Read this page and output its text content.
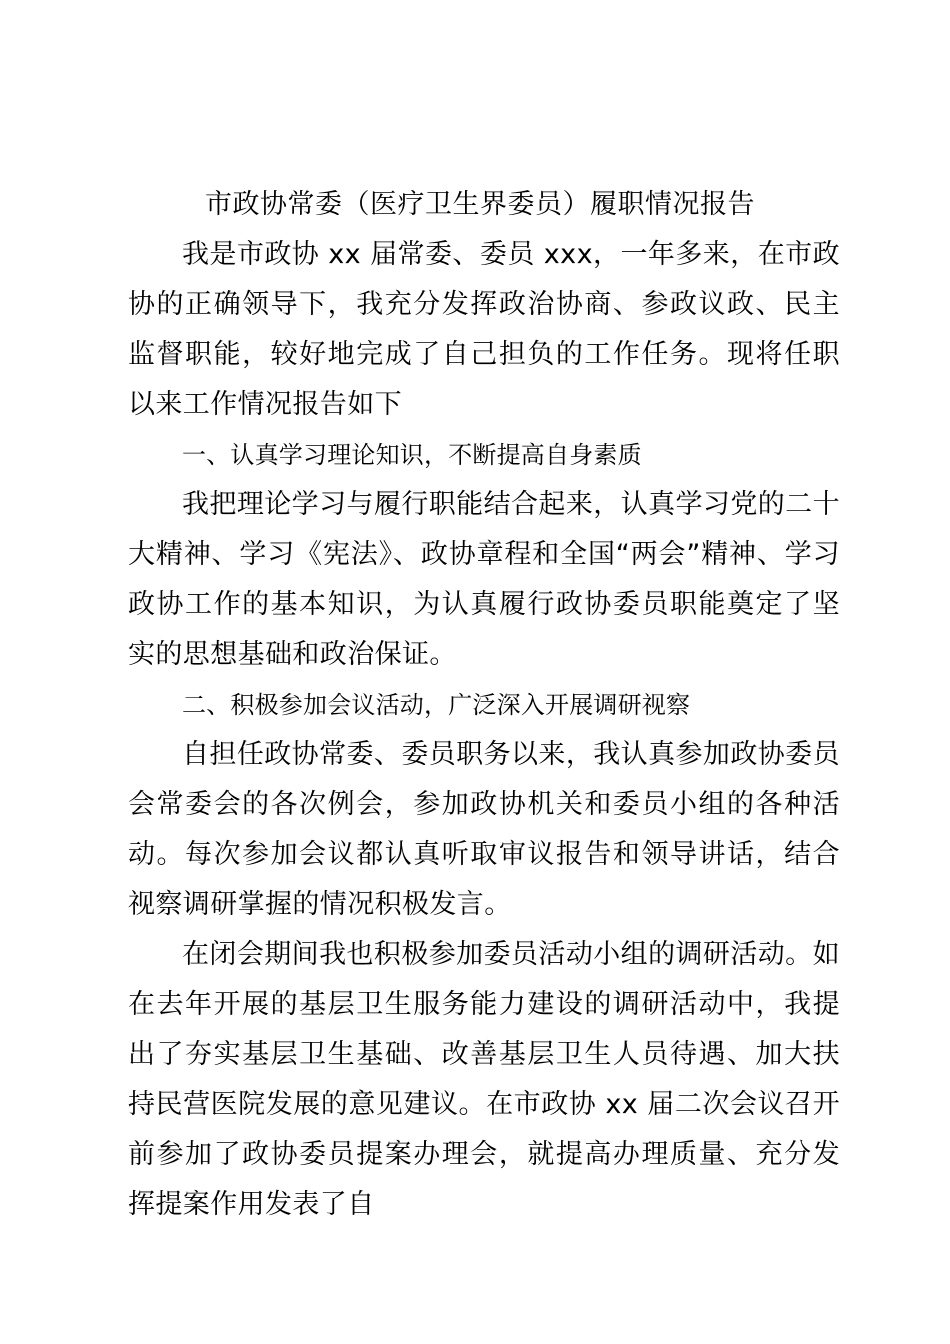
市政协常委（医疗卫生界委员）履职情况报告

我是市政协 xx 届常委、委员 xxx，一年多来，在市政协的正确领导下，我充分发挥政治协商、参政议政、民主监督职能，较好地完成了自己担负的工作任务。现将任职以来工作情况报告如下

一、认真学习理论知识，不断提高自身素质

我把理论学习与履行职能结合起来，认真学习党的二十大精神、学习《宪法》、政协章程和全国“两会”精神、学习政协工作的基本知识，为认真履行政协委员职能奠定了坚实的思想基础和政治保证。

二、积极参加会议活动，广泛深入开展调研视察

自担任政协常委、委员职务以来，我认真参加政协委员会常委会的各次例会，参加政协机关和委员小组的各种活动。每次参加会议都认真听取审议报告和领导讲话，结合视察调研掌握的情况积极发言。

在闭会期间我也积极参加委员活动小组的调研活动。如在去年开展的基层卫生服务能力建设的调研活动中，我提出了夯实基层卫生基础、改善基层卫生人员待遇、加大扶持民营医院发展的意见建议。在市政协 xx 届二次会议召开前参加了政协委员提案办理会，就提高办理质量、充分发挥提案作用发表了自
